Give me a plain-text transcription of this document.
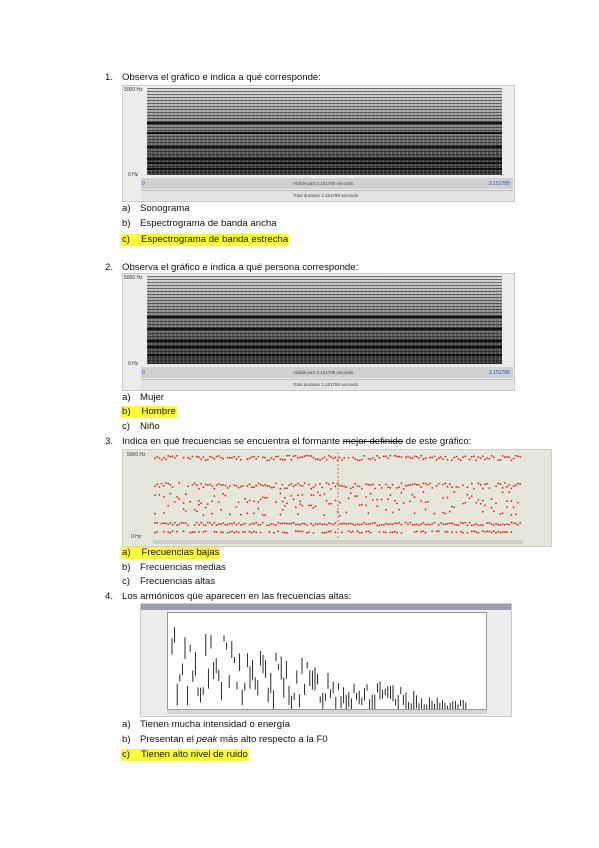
1. Observa el gráfico e indica a qué corresponde:
5000 Hz
0 Hz
0	Visible part 3.151785 seconds	3.151785
Total duration 3.151785 seconds
a) Sonograma
b) Espectrograma de banda ancha
c) Espectrograma de banda estrecha
2. Observa el gráfico e indica a qué persona corresponde:
5000 Hz
0 Hz
0	Visible part 3.151785 seconds	3.151785
Total duration 3.151785 seconds
a) Mujer
b) Hombre
c) Niño
3. Indica en qué frecuencias se encuentra el formante mejor definido de este gráfico:
5000 Hz
0 Hz
a) Frecuencias bajas
b) Frecuencias medias
c) Frecuencias altas
4. Los armónicos que aparecen en las frecuencias altas:
a) Tienen mucha intensidad o energía
b) Presentan el peak más alto respecto a la F0
c) Tienen alto nivel de ruido
